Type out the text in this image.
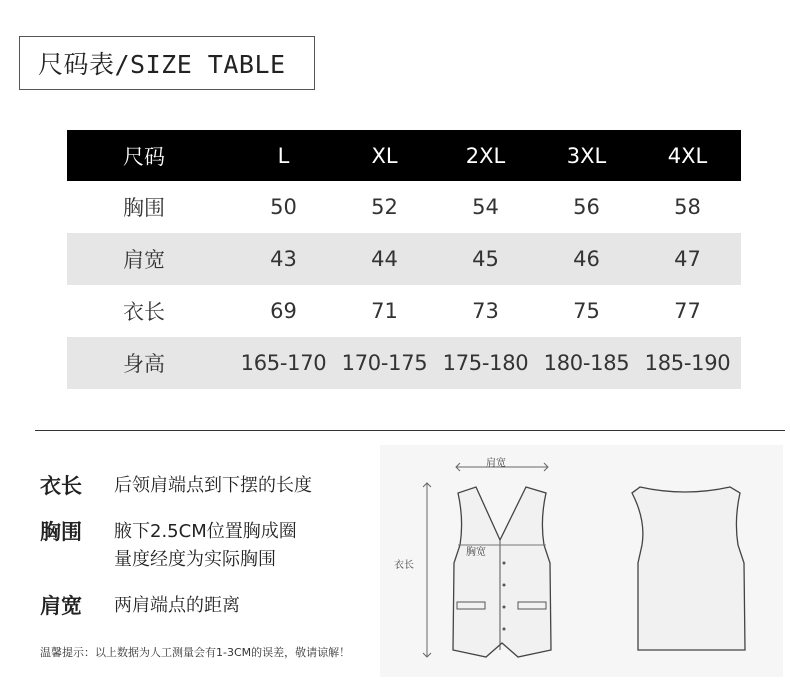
尺码表/SIZE TABLE
尺码	L	XL	2XL	3XL	4XL
胸围	50	52	54	56	58
肩宽	43	44	45	46	47
衣长	69	71	73	75	77
身高	165-170 170-175 175-180 180-185 185-190
衣长 后领肩端点到下摆的长度
胸围 腋下2.5CM位置胸成圈
量度经度为实际胸围
肩宽 两肩端点的距离
温馨提示：以上数据为人工测量会有1-3CM的误差，敬请谅解！
肩宽
胸宽
衣长
